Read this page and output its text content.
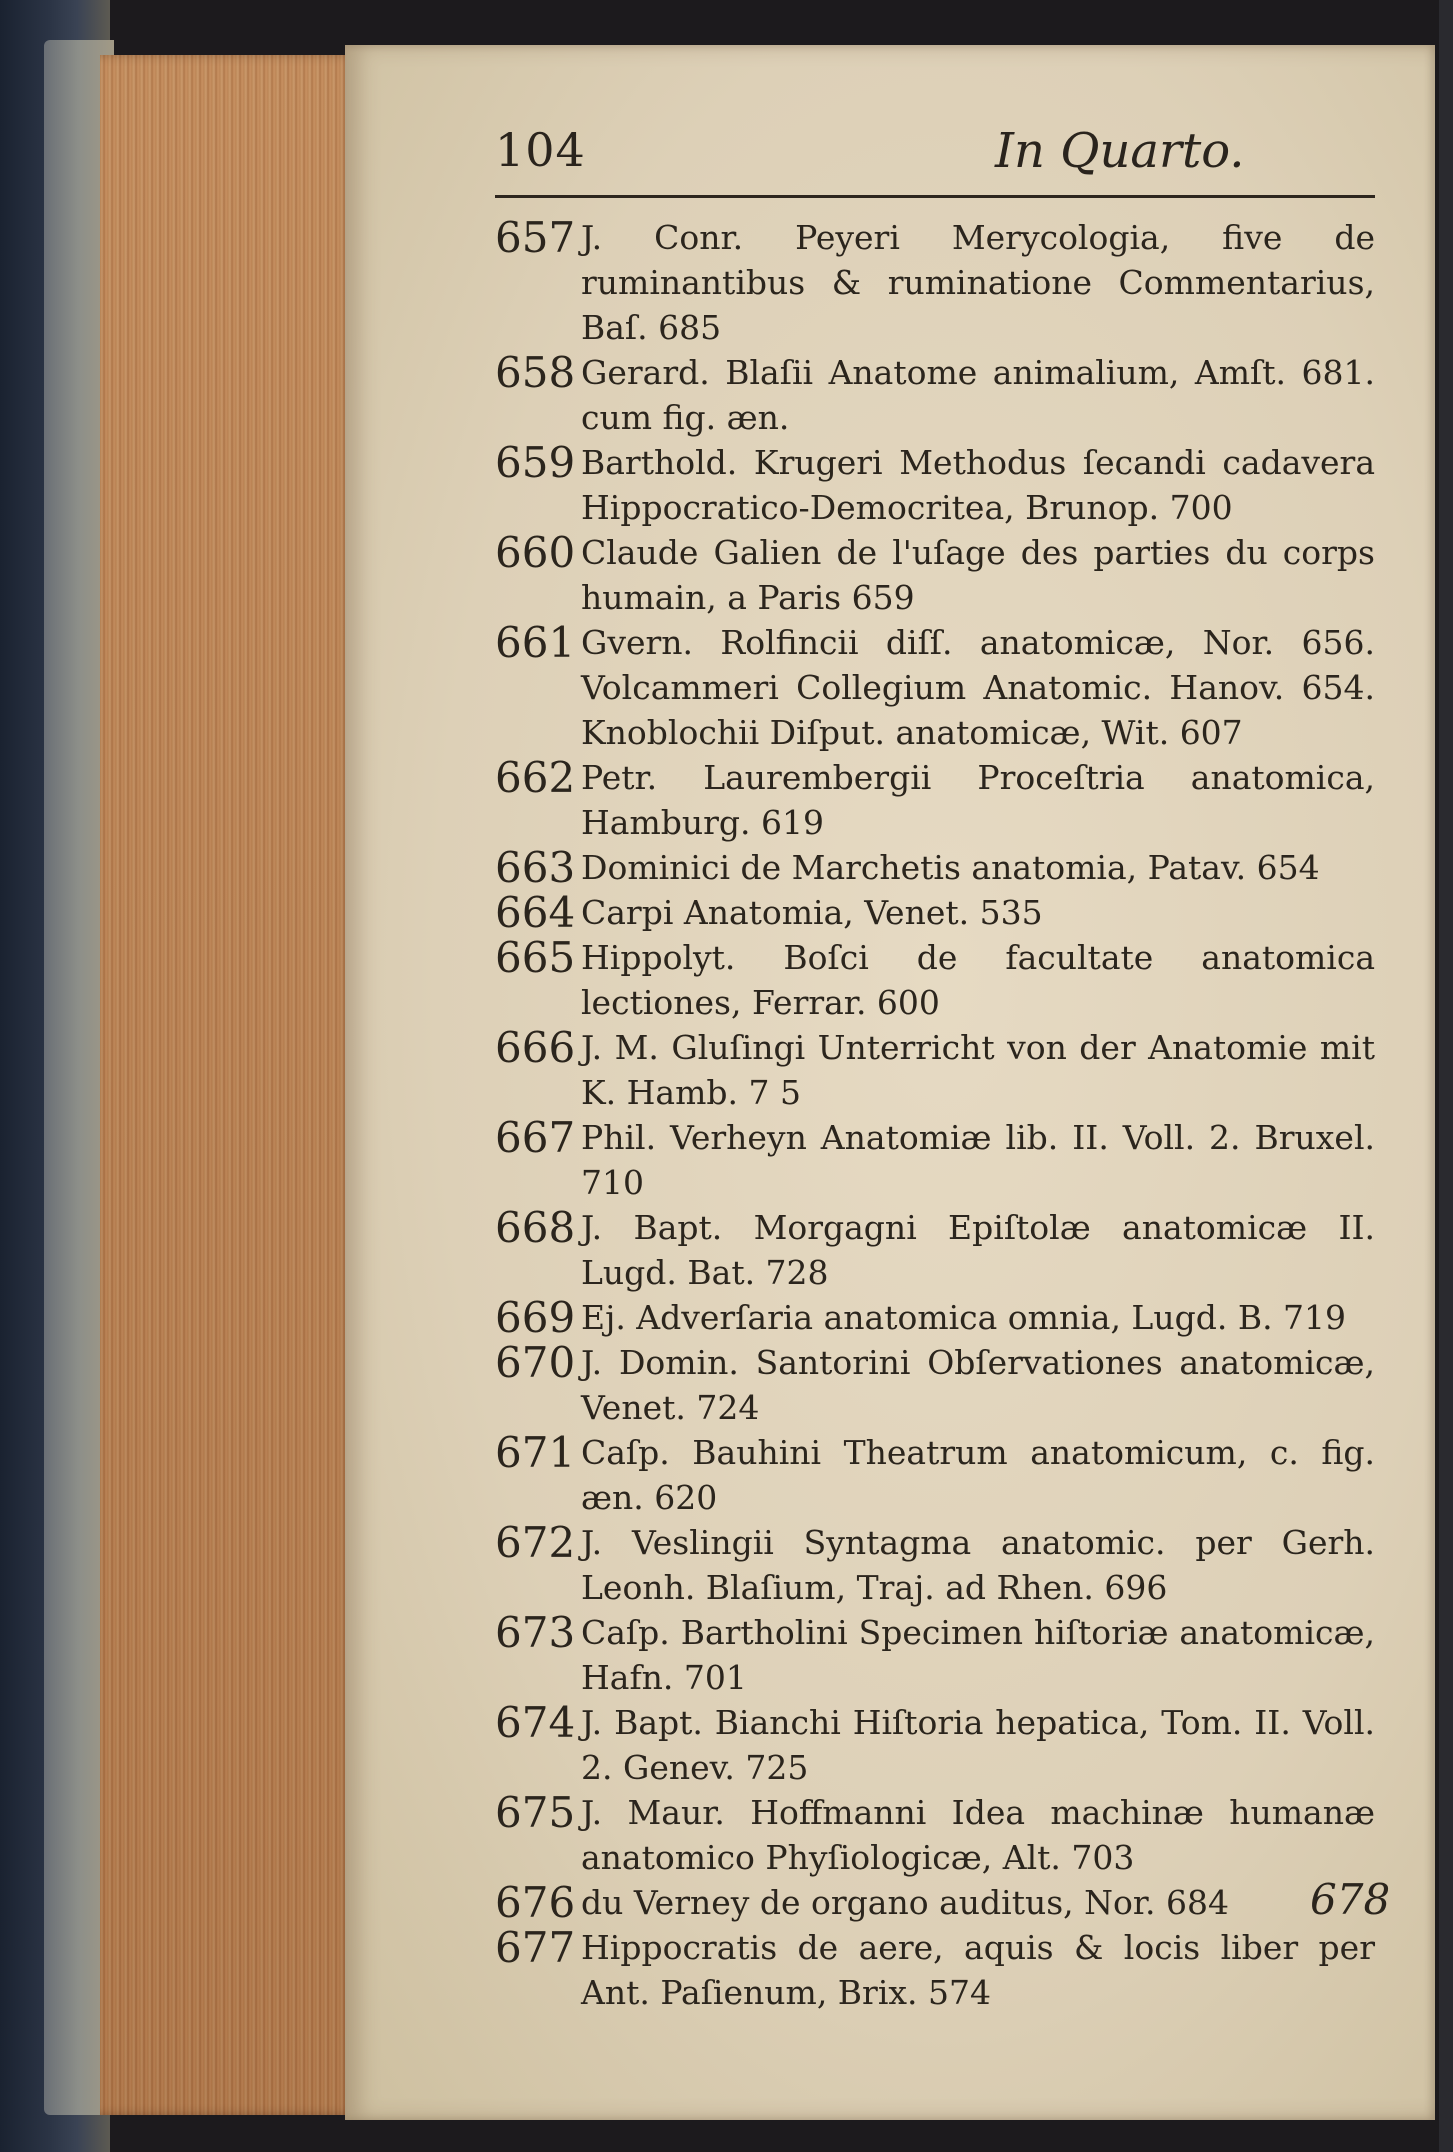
104	In Quarto.
657 J. Conr. Peyeri Merycologia, five de ruminantibus & ruminatione Commentarius, Baſ. 685
658 Gerard. Blaſii Anatome animalium, Amſt. 681. cum fig. æn.
659 Barthold. Krugeri Methodus ſecandi cadavera Hippocratico-Democritea, Brunop. 700
660 Claude Galien de l'uſage des parties du corps humain, a Paris 659
661 Gvern. Rolfincii diſſ. anatomicæ, Nor. 656. Volcammeri Collegium Anatomic. Hanov. 654. Knoblochii Diſput. anatomicæ, Wit. 607
662 Petr. Laurembergii Proceſtria anatomica, Hamburg. 619
663 Dominici de Marchetis anatomia, Patav. 654
664 Carpi Anatomia, Venet. 535
665 Hippolyt. Boſci de facultate anatomica lectiones, Ferrar. 600
666 J. M. Gluſingi Unterricht von der Anatomie mit K. Hamb. 7 5
667 Phil. Verheyn Anatomiæ lib. II. Voll. 2. Bruxel. 710
668 J. Bapt. Morgagni Epiſtolæ anatomicæ II. Lugd. Bat. 728
669 Ej. Adverſaria anatomica omnia, Lugd. B. 719
670 J. Domin. Santorini Obſervationes anatomicæ, Venet. 724
671 Caſp. Bauhini Theatrum anatomicum, c. fig. æn. 620
672 J. Veslingii Syntagma anatomic. per Gerh. Leonh. Blaſium, Traj. ad Rhen. 696
673 Caſp. Bartholini Specimen hiſtoriæ anatomicæ, Hafn. 701
674 J. Bapt. Bianchi Hiſtoria hepatica, Tom. II. Voll. 2. Genev. 725
675 J. Maur. Hoffmanni Idea machinæ humanæ anatomico Phyſiologicæ, Alt. 703
676 du Verney de organo auditus, Nor. 684
677 Hippocratis de aere, aquis & locis liber per Ant. Paſienum, Brix. 574
678
